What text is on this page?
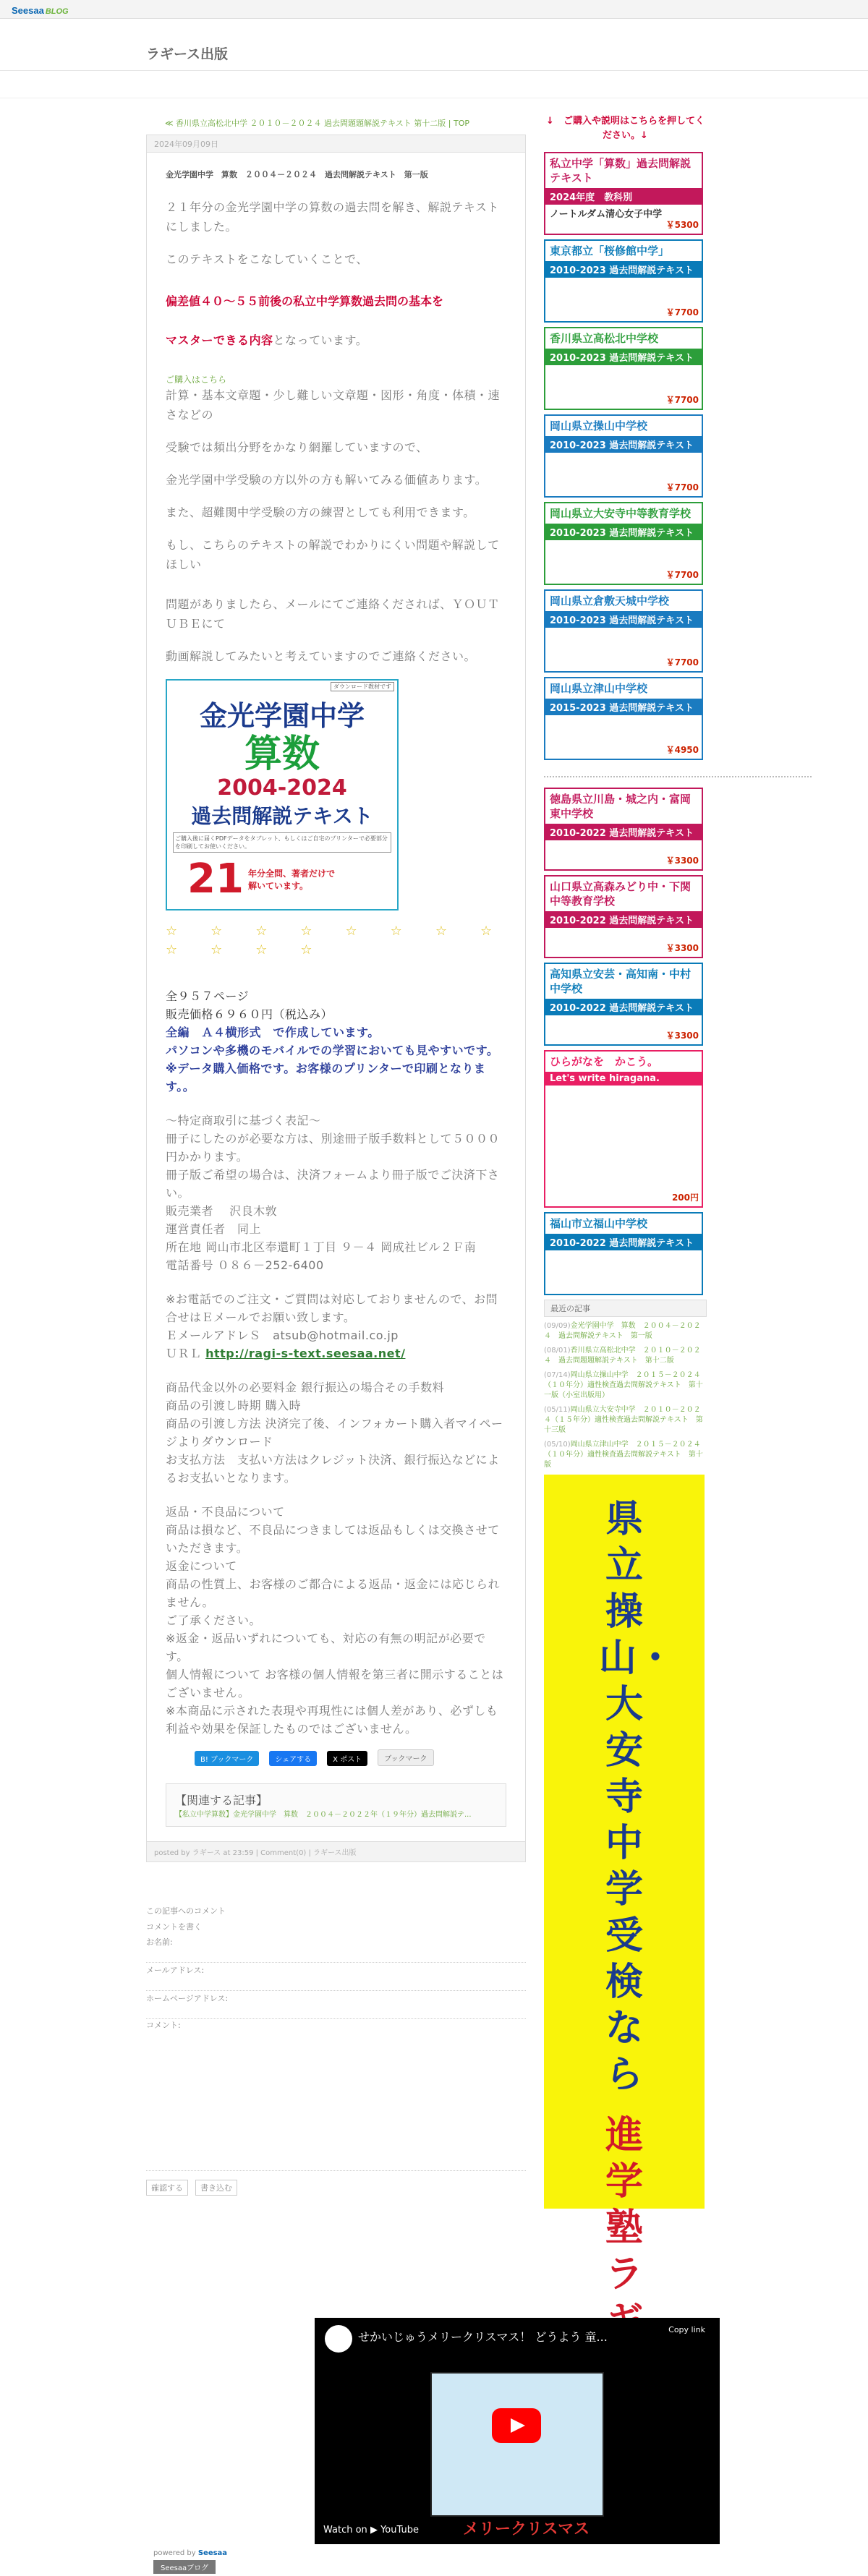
Seesaa BLOG
ラギース出版
≪ 香川県立高松北中学 ２０１０－２０２４ 過去問題題解説テキスト 第十二版 | TOP
2024年09月09日
金光学園中学　算数　２００４－２０２４　過去問解説テキスト　第一版
２１年分の金光学園中学の算数の過去問を解き、解説テキストにしました。
このテキストをこなしていくことで、
偏差値４０～５５前後の私立中学算数過去問の基本を
マスターできる内容となっています。
ご購入はこちら
計算・基本文章題・少し難しい文章題・図形・角度・体積・速さなどの
受験では頻出分野をかなり網羅していますので、
金光学園中学受験の方以外の方も解いてみる価値あります。
また、超難関中学受験の方の練習としても利用できます。
もし、こちらのテキストの解説でわかりにくい問題や解説してほしい
問題がありましたら、メールにてご連絡くだされば、ＹＯＵＴＵＢＥにて
動画解説してみたいと考えていますのでご連絡ください。
ダウンロード教材です
金光学園中学
算数
2004-2024
過去問解説テキスト
ご購入後に届くPDFデータをタブレット、もしくはご自宅のプリンターで必要部分を印刷してお使いください。
21 年分全問、著者だけで解いています。
☆　☆　☆　☆　☆　☆　☆　☆　☆　☆　☆　☆
全９５７ページ
販売価格６９６０円（税込み）
全編　Ａ４横形式　で作成しています。
パソコンや多機のモバイルでの学習においても見やすいです。
※データ購入価格です。お客様のプリンターで印刷となります。。
〜特定商取引に基づく表記〜
冊子にしたのが必要な方は、別途冊子版手数料として５０００円かかります。
冊子版ご希望の場合は、決済フォームより冊子版でご決済下さい。
販売業者　 沢良木敦
運営責任者　同上
所在地 岡山市北区奉還町１丁目 ９－４ 岡成社ビル２Ｆ南
電話番号 ０８６－252-6400
※お電話でのご注文・ご質問は対応しておりませんので、お問合せはＥメールでお願い致します。
ＥメールアドレＳ　atsub@hotmail.co.jp
ＵＲＬ http://ragi-s-text.seesaa.net/
商品代金以外の必要料金 銀行振込の場合その手数料
商品の引渡し時期 購入時
商品の引渡し方法 決済完了後、インフォカート購入者マイページよりダウンロード
お支払方法　支払い方法はクレジット決済、銀行振込などによるお支払いとなります。
返品・不良品について
商品は損など、不良品につきましては返品もしくは交換させていただきます。
返金について
商品の性質上、お客様のご都合による返品・返金には応じられません。
ご了承ください。
※返金・返品いずれについても、対応の有無の明記が必要です。
個人情報について お客様の個人情報を第三者に開示することは
ございません。
※本商品に示された表現や再現性には個人差があり、必ずしも利益や効果を保証したものではございません。
B! ブックマーク	シェアする	X ポスト	ブックマーク
【関連する記事】
【私立中学算数】金光学園中学　算数　２００４－２０２２年（１９年分）過去問解説テ...
posted by ラギース at 23:59 | Comment(0) | ラギース出版
この記事へのコメント
コメントを書く
お名前:
メールアドレス:
ホームページアドレス:
コメント:
確認する	書き込む
↓　ご購入や説明はこちらを押してください。↓
私立中学「算数」過去問解説テキスト
2024年度　教科別
ノートルダム清心女子中学
￥5300
東京都立「桜修館中学」
2010-2023 過去問解説テキスト
￥7700
香川県立高松北中学校
2010-2023 過去問解説テキスト
￥7700
岡山県立操山中学校
2010-2023 過去問解説テキスト
￥7700
岡山県立大安寺中等教育学校
2010-2023 過去問解説テキスト
￥7700
岡山県立倉敷天城中学校
2010-2023 過去問解説テキスト
￥7700
岡山県立津山中学校
2015-2023 過去問解説テキスト
￥4950
徳島県立川島・城之内・富岡東中学校
2010-2022 過去問解説テキスト
￥3300
山口県立高森みどり中・下関中等教育学校
2010-2022 過去問解説テキスト
￥3300
高知県立安芸・高知南・中村中学校
2010-2022 過去問解説テキスト
￥3300
ひらがなを　かこう。
Let's write hiragana.
200円
福山市立福山中学校
2010-2022 過去問解説テキスト
最近の記事
(09/09)金光学園中学　算数　２００４－２０２４　過去問解説テキスト　第一版
(08/01)香川県立高松北中学　２０１０－２０２４　過去問題題解説テキスト　第十二版
(07/14)岡山県立操山中学　２０１５－２０２４（１０年分）適性検査過去問解説テキスト　第十一版（小室出版用）
(05/11)岡山県立大安寺中学　２０１０－２０２４（１５年分）適性検査過去問解説テキスト　第十三版
(05/10)岡山県立津山中学　２０１５－２０２４（１０年分）適性検査過去問解説テキスト　第十版
県立操山・大安寺中学受検なら
進学塾ラ
せかいじゅうメリークリスマス！ どうよう 童...
Copy link
メリークリスマス
Watch on ▶ YouTube
powered by Seesaa
Seesaaブログ
